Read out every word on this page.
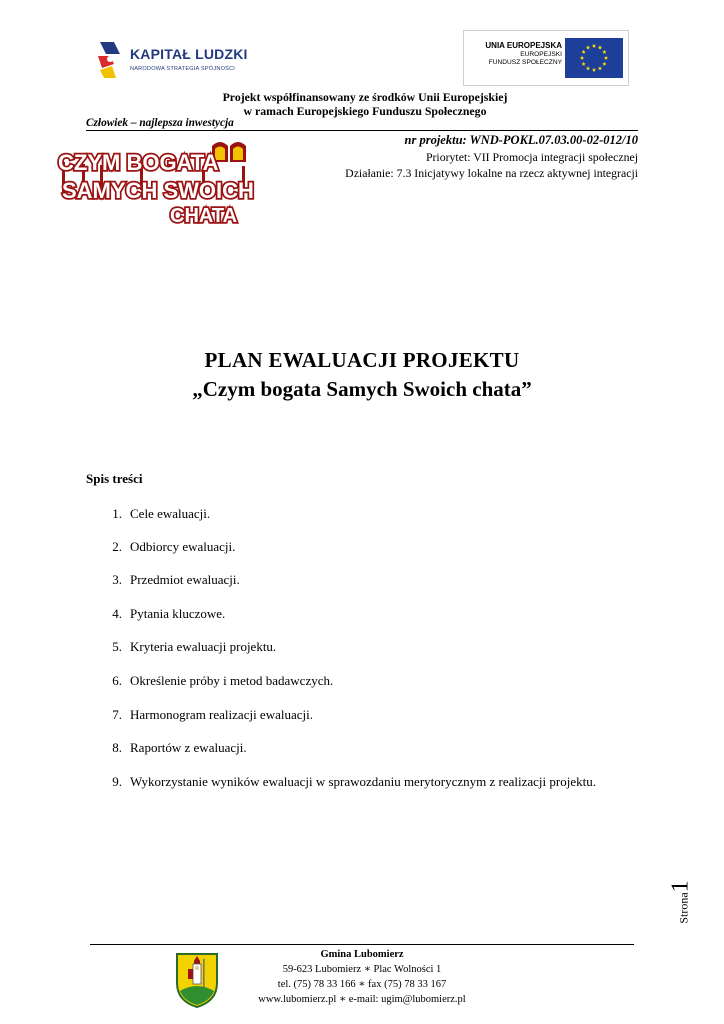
KAPITAŁ LUDZKI
NARODOWA STRATEGIA SPÓJNOŚCI
UNIA EUROPEJSKA
EUROPEJSKI
FUNDUSZ SPOŁECZNY
Projekt współfinansowany ze środków Unii Europejskiej
w ramach Europejskiego Funduszu Społecznego
Człowiek – najlepsza inwestycja
nr projektu: WND-POKL.07.03.00-02-012/10
Priorytet: VII Promocja integracji społecznej
Działanie: 7.3 Inicjatywy lokalne na rzecz aktywnej integracji
CZYM BOGATA
SAMYCH SWOICH
CHATA
PLAN EWALUACJI PROJEKTU
„Czym bogata Samych Swoich chata”
Spis treści
1. Cele ewaluacji.
2. Odbiorcy ewaluacji.
3. Przedmiot ewaluacji.
4. Pytania kluczowe.
5. Kryteria ewaluacji projektu.
6. Określenie próby i metod badawczych.
7. Harmonogram realizacji ewaluacji.
8. Raportów z ewaluacji.
9. Wykorzystanie wyników ewaluacji w sprawozdaniu merytorycznym z realizacji projektu.
Strona1
Gmina Lubomierz
59-623 Lubomierz ∗ Plac Wolności 1
tel. (75) 78 33 166 ∗ fax (75) 78 33 167
www.lubomierz.pl ∗ e-mail: ugim@lubomierz.pl
